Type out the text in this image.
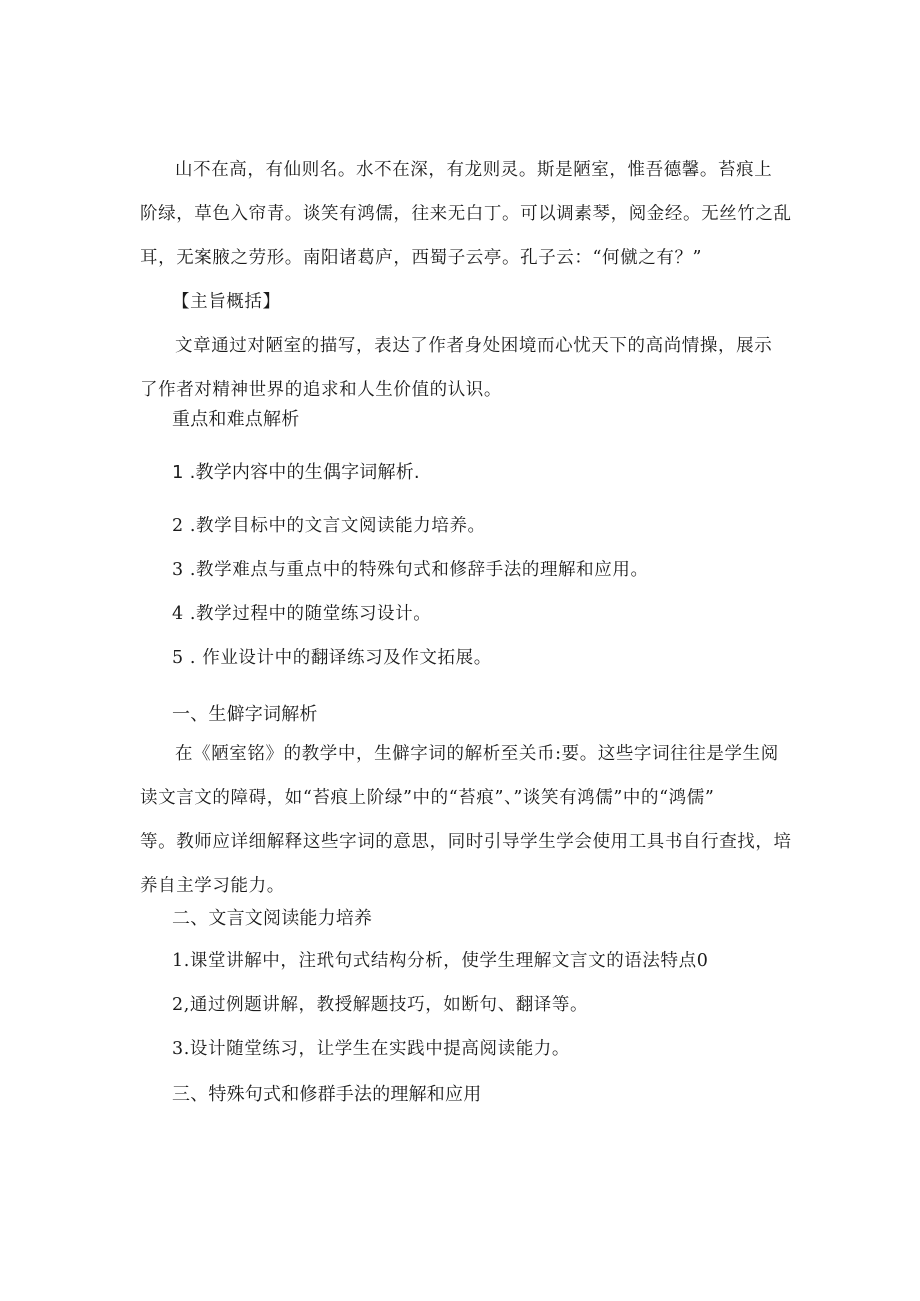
山不在高，有仙则名。水不在深，有龙则灵。斯是陋室，惟吾德馨。苔痕上
阶绿，草色入帘青。谈笑有鸿儒，往来无白丁。可以调素琴，阅金经。无丝竹之乱
耳，无案腋之劳形。南阳诸葛庐，西蜀子云亭。孔子云：“何僦之有？”
【主旨概括】
文章通过对陋室的描写，表达了作者身处困境而心忧天下的高尚情操，展示
了作者对精神世界的追求和人生价值的认识。
重点和难点解析
1 .教学内容中的生偶字词解析.
2 .教学目标中的文言文阅读能力培养。
3 .教学难点与重点中的特殊句式和修辞手法的理解和应用。
4 .教学过程中的随堂练习设计。
5 . 作业设计中的翻译练习及作文拓展。
一、生僻字词解析
在《陋室铭》的教学中，生僻字词的解析至关币:要。这些字词往往是学生阅
读文言文的障碍，如“苔痕上阶绿”中的“苔痕”、”谈笑有鸿儒”中的“鸿儒”
等。教师应详细解释这些字词的意思，同时引导学生学会使用工具书自行查找，培
养自主学习能力。
二、文言文阅读能力培养
1.课堂讲解中，注玳句式结构分析，使学生理解文言文的语法特点0
2,通过例题讲解，教授解题技巧，如断句、翻译等。
3.设计随堂练习，让学生在实践中提高阅读能力。
三、特殊句式和修群手法的理解和应用
